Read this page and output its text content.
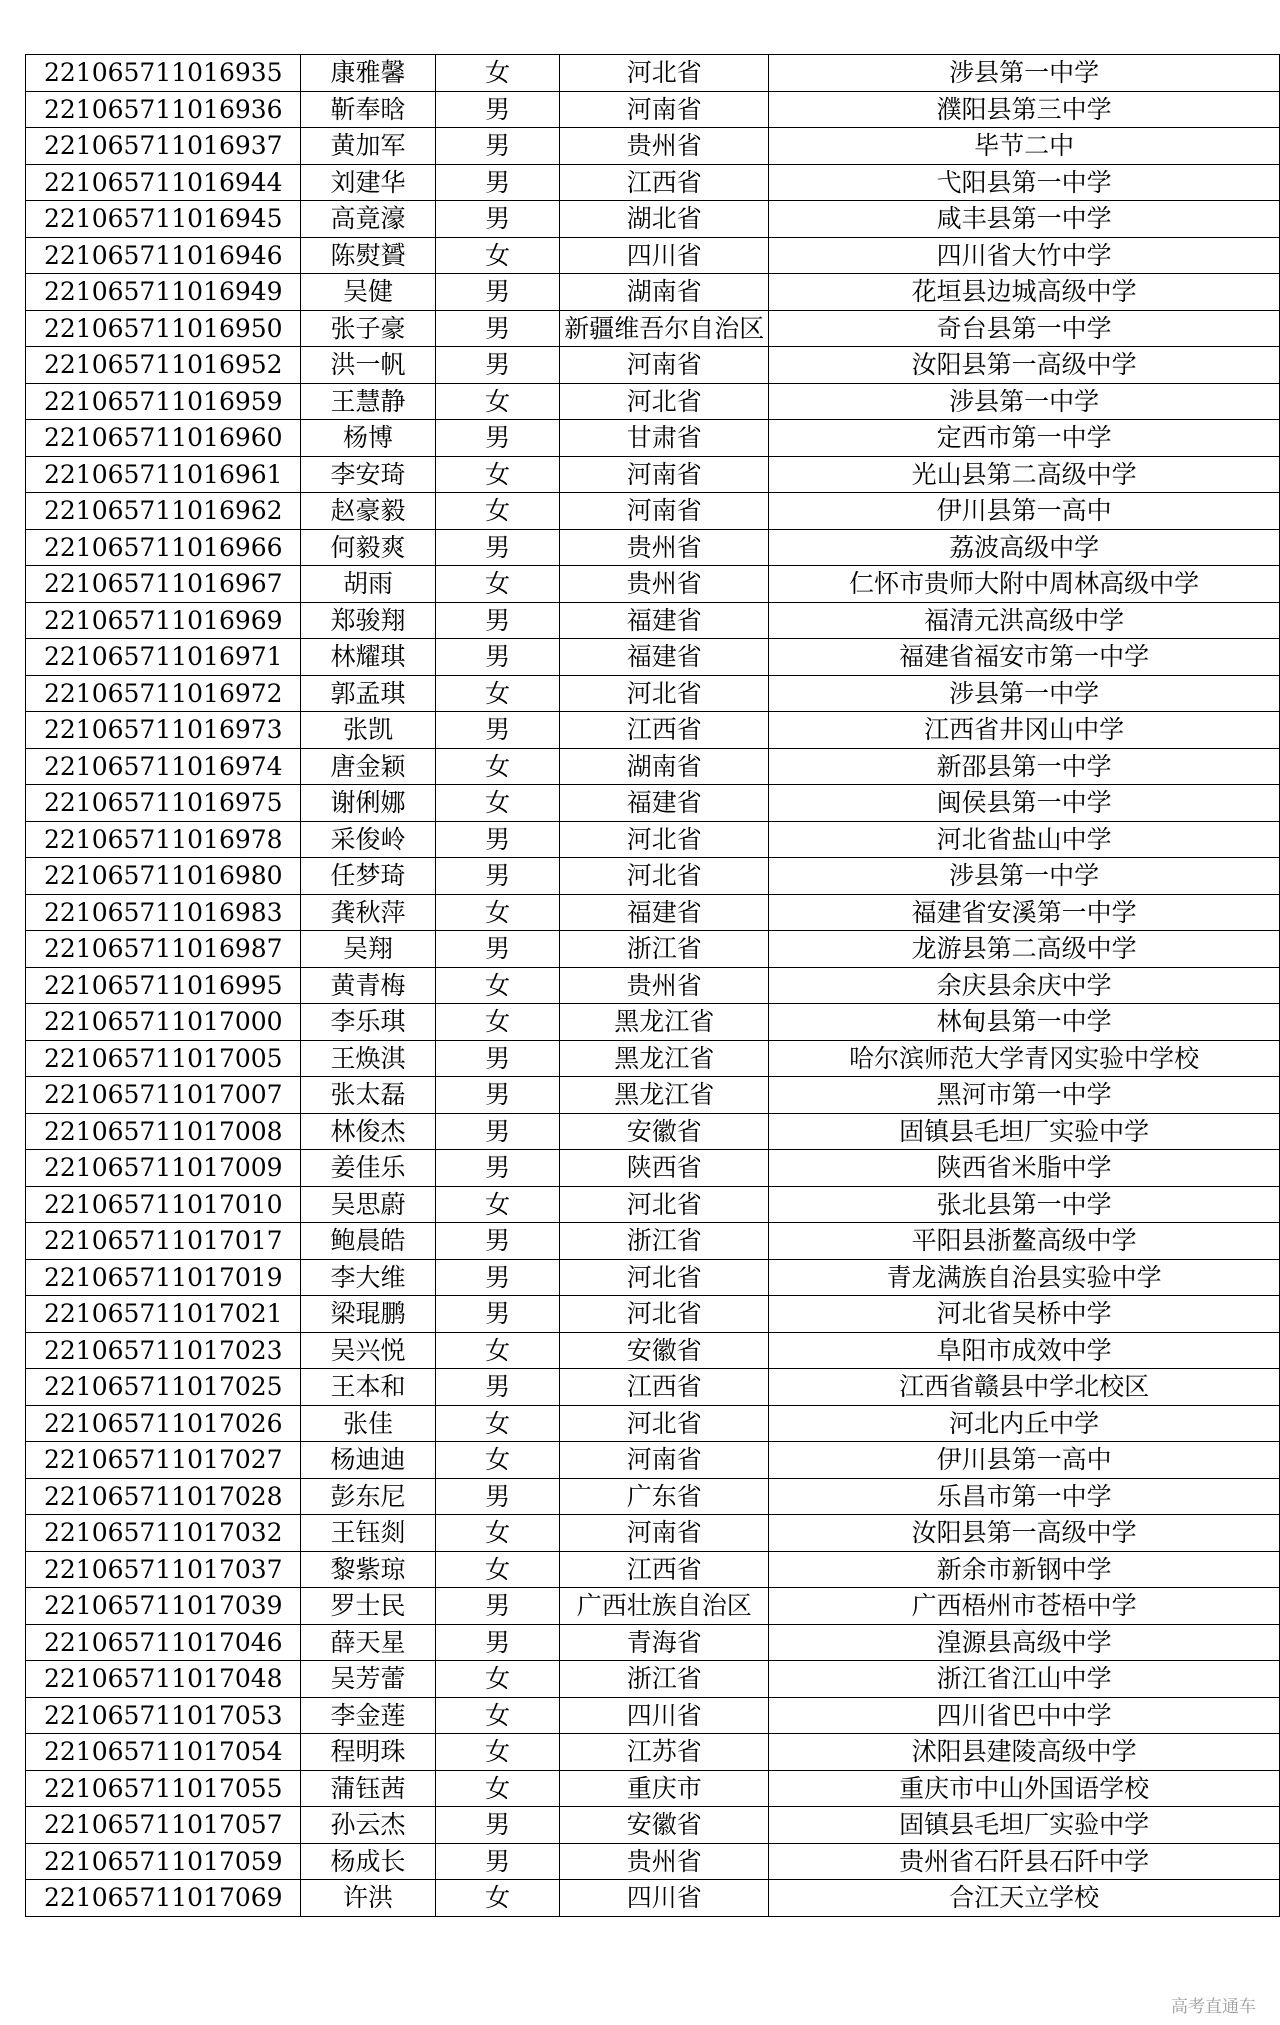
221065711016935	康雅馨	女	河北省	涉县第一中学
221065711016936	靳奉晗	男	河南省	濮阳县第三中学
221065711016937	黄加军	男	贵州省	毕节二中
221065711016944	刘建华	男	江西省	弋阳县第一中学
221065711016945	高竟濠	男	湖北省	咸丰县第一中学
221065711016946	陈熨贇	女	四川省	四川省大竹中学
221065711016949	吴健	男	湖南省	花垣县边城高级中学
221065711016950	张子豪	男	新疆维吾尔自治区	奇台县第一中学
221065711016952	洪一帆	男	河南省	汝阳县第一高级中学
221065711016959	王慧静	女	河北省	涉县第一中学
221065711016960	杨博	男	甘肃省	定西市第一中学
221065711016961	李安琦	女	河南省	光山县第二高级中学
221065711016962	赵豪毅	女	河南省	伊川县第一高中
221065711016966	何毅爽	男	贵州省	荔波高级中学
221065711016967	胡雨	女	贵州省	仁怀市贵师大附中周林高级中学
221065711016969	郑骏翔	男	福建省	福清元洪高级中学
221065711016971	林耀琪	男	福建省	福建省福安市第一中学
221065711016972	郭孟琪	女	河北省	涉县第一中学
221065711016973	张凯	男	江西省	江西省井冈山中学
221065711016974	唐金颖	女	湖南省	新邵县第一中学
221065711016975	谢俐娜	女	福建省	闽侯县第一中学
221065711016978	采俊岭	男	河北省	河北省盐山中学
221065711016980	任梦琦	男	河北省	涉县第一中学
221065711016983	龚秋萍	女	福建省	福建省安溪第一中学
221065711016987	吴翔	男	浙江省	龙游县第二高级中学
221065711016995	黄青梅	女	贵州省	余庆县余庆中学
221065711017000	李乐琪	女	黑龙江省	林甸县第一中学
221065711017005	王焕淇	男	黑龙江省	哈尔滨师范大学青冈实验中学校
221065711017007	张太磊	男	黑龙江省	黑河市第一中学
221065711017008	林俊杰	男	安徽省	固镇县毛坦厂实验中学
221065711017009	姜佳乐	男	陕西省	陕西省米脂中学
221065711017010	吴思蔚	女	河北省	张北县第一中学
221065711017017	鲍晨皓	男	浙江省	平阳县浙鳌高级中学
221065711017019	李大维	男	河北省	青龙满族自治县实验中学
221065711017021	梁琨鹏	男	河北省	河北省吴桥中学
221065711017023	吴兴悦	女	安徽省	阜阳市成效中学
221065711017025	王本和	男	江西省	江西省赣县中学北校区
221065711017026	张佳	女	河北省	河北内丘中学
221065711017027	杨迪迪	女	河南省	伊川县第一高中
221065711017028	彭东尼	男	广东省	乐昌市第一中学
221065711017032	王钰剡	女	河南省	汝阳县第一高级中学
221065711017037	黎紫琼	女	江西省	新余市新钢中学
221065711017039	罗士民	男	广西壮族自治区	广西梧州市苍梧中学
221065711017046	薛天星	男	青海省	湟源县高级中学
221065711017048	吴芳蕾	女	浙江省	浙江省江山中学
221065711017053	李金莲	女	四川省	四川省巴中中学
221065711017054	程明珠	女	江苏省	沭阳县建陵高级中学
221065711017055	蒲钰茜	女	重庆市	重庆市中山外国语学校
221065711017057	孙云杰	男	安徽省	固镇县毛坦厂实验中学
221065711017059	杨成长	男	贵州省	贵州省石阡县石阡中学
221065711017069	许洪	女	四川省	合江天立学校
高考直通车
